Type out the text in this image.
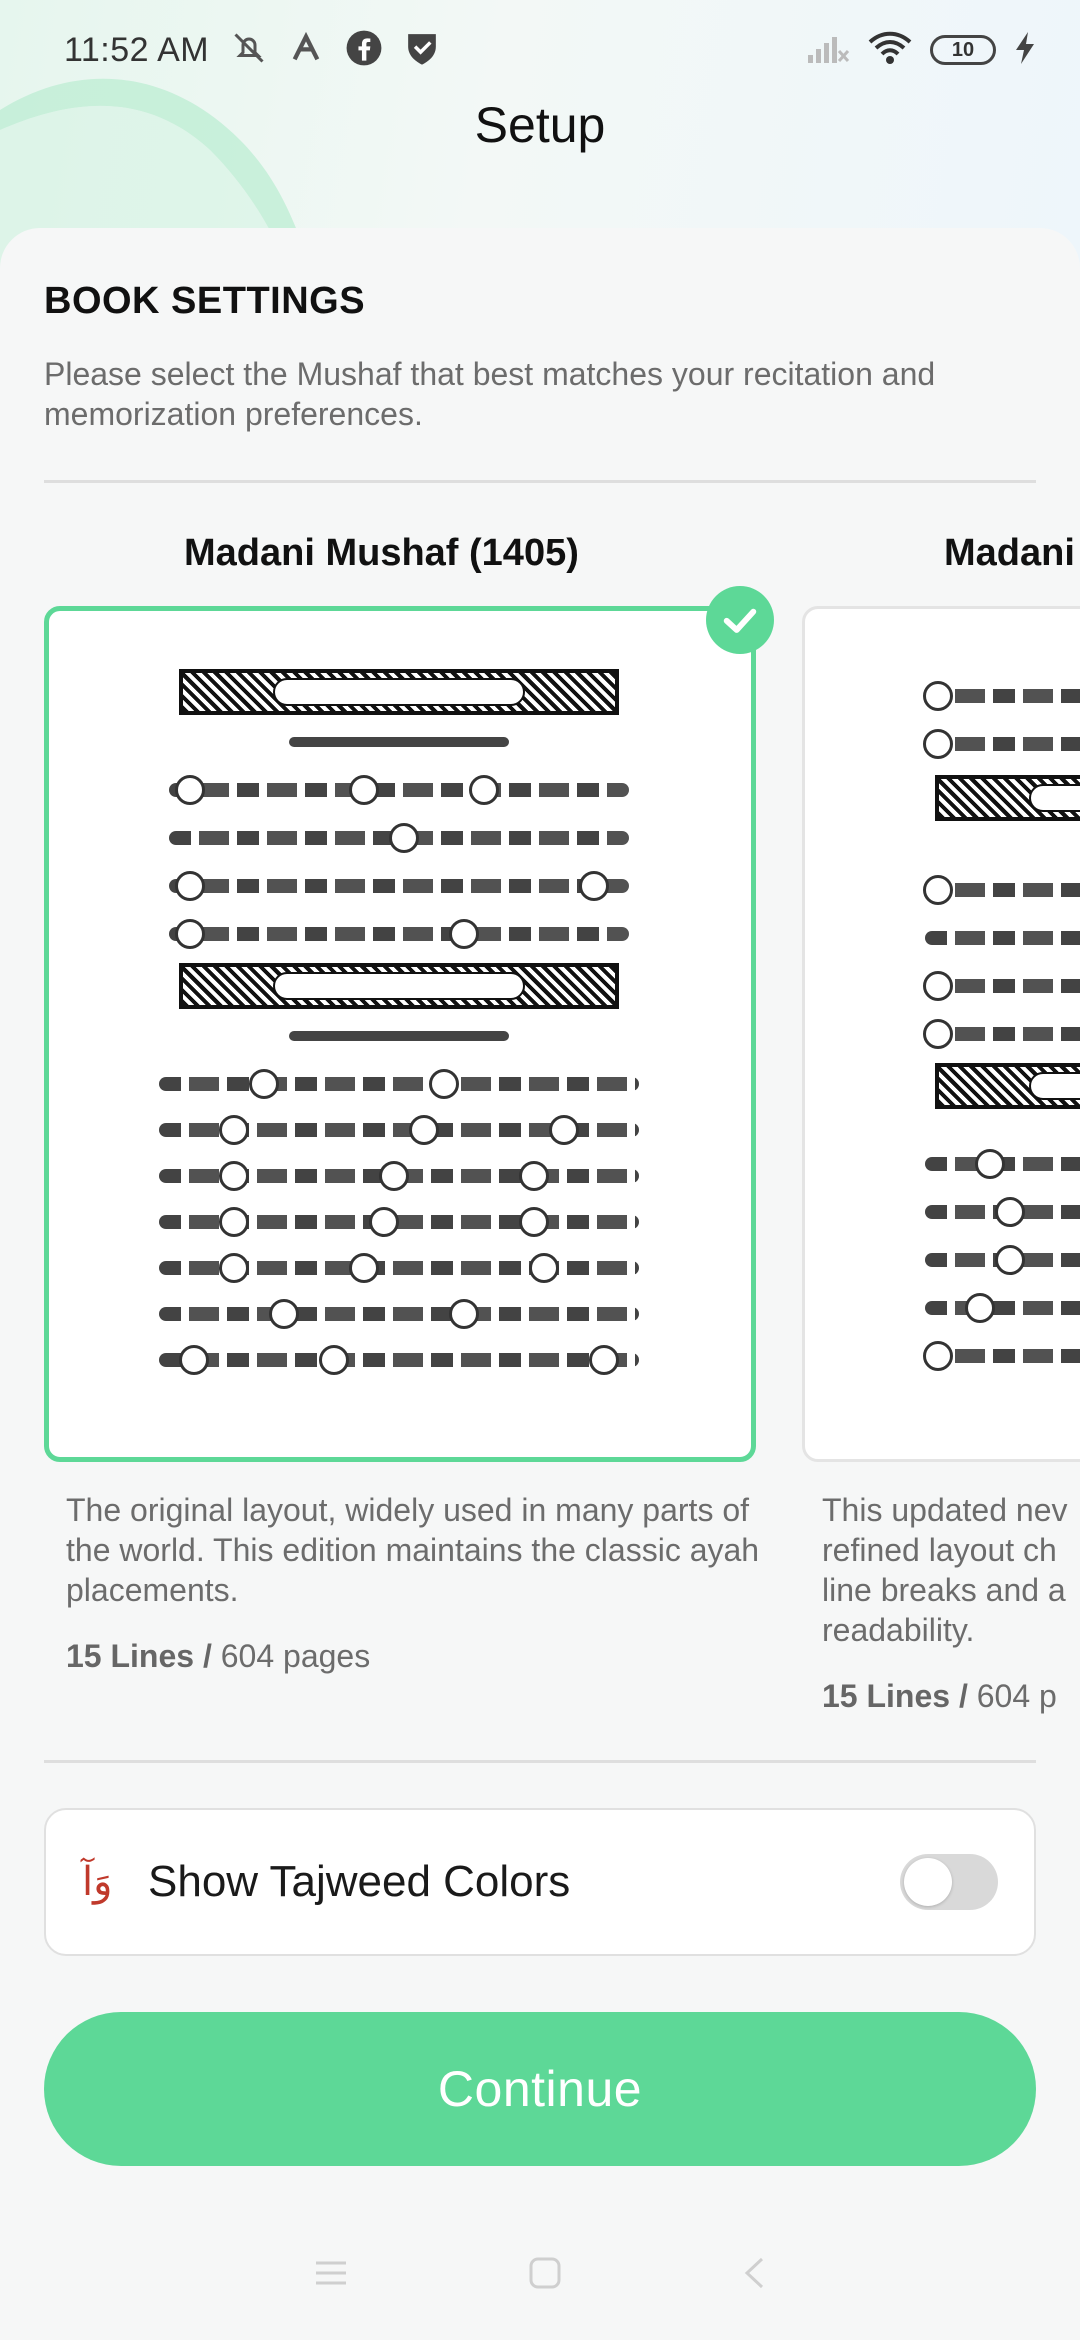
11:52 AM	10
Setup
BOOK SETTINGS
Please select the Mushaf that best matches your recitation and memorization preferences.
Madani Mushaf (1405)
The original layout, widely used in many parts of the world. This edition maintains the classic ayah placements.
15 Lines / 604 pages
Madani
This updated nev
refined layout ch
line breaks and a
readability.
15 Lines / 604 p
وَآ Show Tajweed Colors
Continue
